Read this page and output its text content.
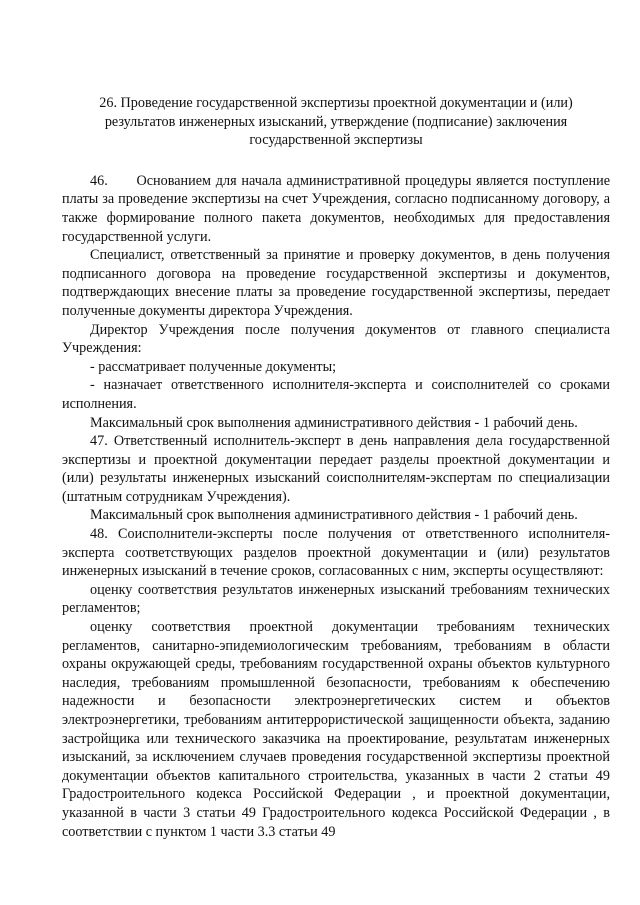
26. Проведение государственной экспертизы проектной документации и (или) результатов инженерных изысканий, утверждение (подписание) заключения государственной экспертизы

46.      Основанием для начала административной процедуры является поступление платы за проведение экспертизы на счет Учреждения, согласно подписанному договору, а также формирование полного пакета документов, необходимых для предоставления государственной услуги.

Специалист, ответственный за принятие и проверку документов, в день получения подписанного договора на проведение государственной экспертизы и документов, подтверждающих внесение платы за проведение государственной экспертизы, передает полученные документы директора Учреждения.

Директор Учреждения после получения документов от главного специалиста Учреждения:

- рассматривает полученные документы;

- назначает ответственного исполнителя-эксперта и соисполнителей со сроками исполнения.

Максимальный срок выполнения административного действия - 1 рабочий день.

47. Ответственный исполнитель-эксперт в день направления дела государственной экспертизы и проектной документации передает разделы проектной документации и (или) результаты инженерных изысканий соисполнителям-экспертам по специализации (штатным сотрудникам Учреждения).

Максимальный срок выполнения административного действия - 1 рабочий день.

48. Соисполнители-эксперты после получения от ответственного исполнителя-эксперта соответствующих разделов проектной документации и (или) результатов инженерных изысканий в течение сроков, согласованных с ним, эксперты осуществляют:

оценку соответствия результатов инженерных изысканий требованиям технических регламентов;

оценку соответствия проектной документации требованиям технических регламентов, санитарно-эпидемиологическим требованиям, требованиям в области охраны окружающей среды, требованиям государственной охраны объектов культурного наследия, требованиям промышленной безопасности, требованиям к обеспечению надежности и безопасности электроэнергетических систем и объектов электроэнергетики, требованиям антитеррористической защищенности объекта, заданию застройщика или технического заказчика на проектирование, результатам инженерных изысканий, за исключением случаев проведения государственной экспертизы проектной документации объектов капитального строительства, указанных в части 2 статьи 49 Градостроительного кодекса Российской Федерации , и проектной документации, указанной в части 3 статьи 49 Градостроительного кодекса Российской Федерации , в соответствии с пунктом 1 части 3.3 статьи 49
